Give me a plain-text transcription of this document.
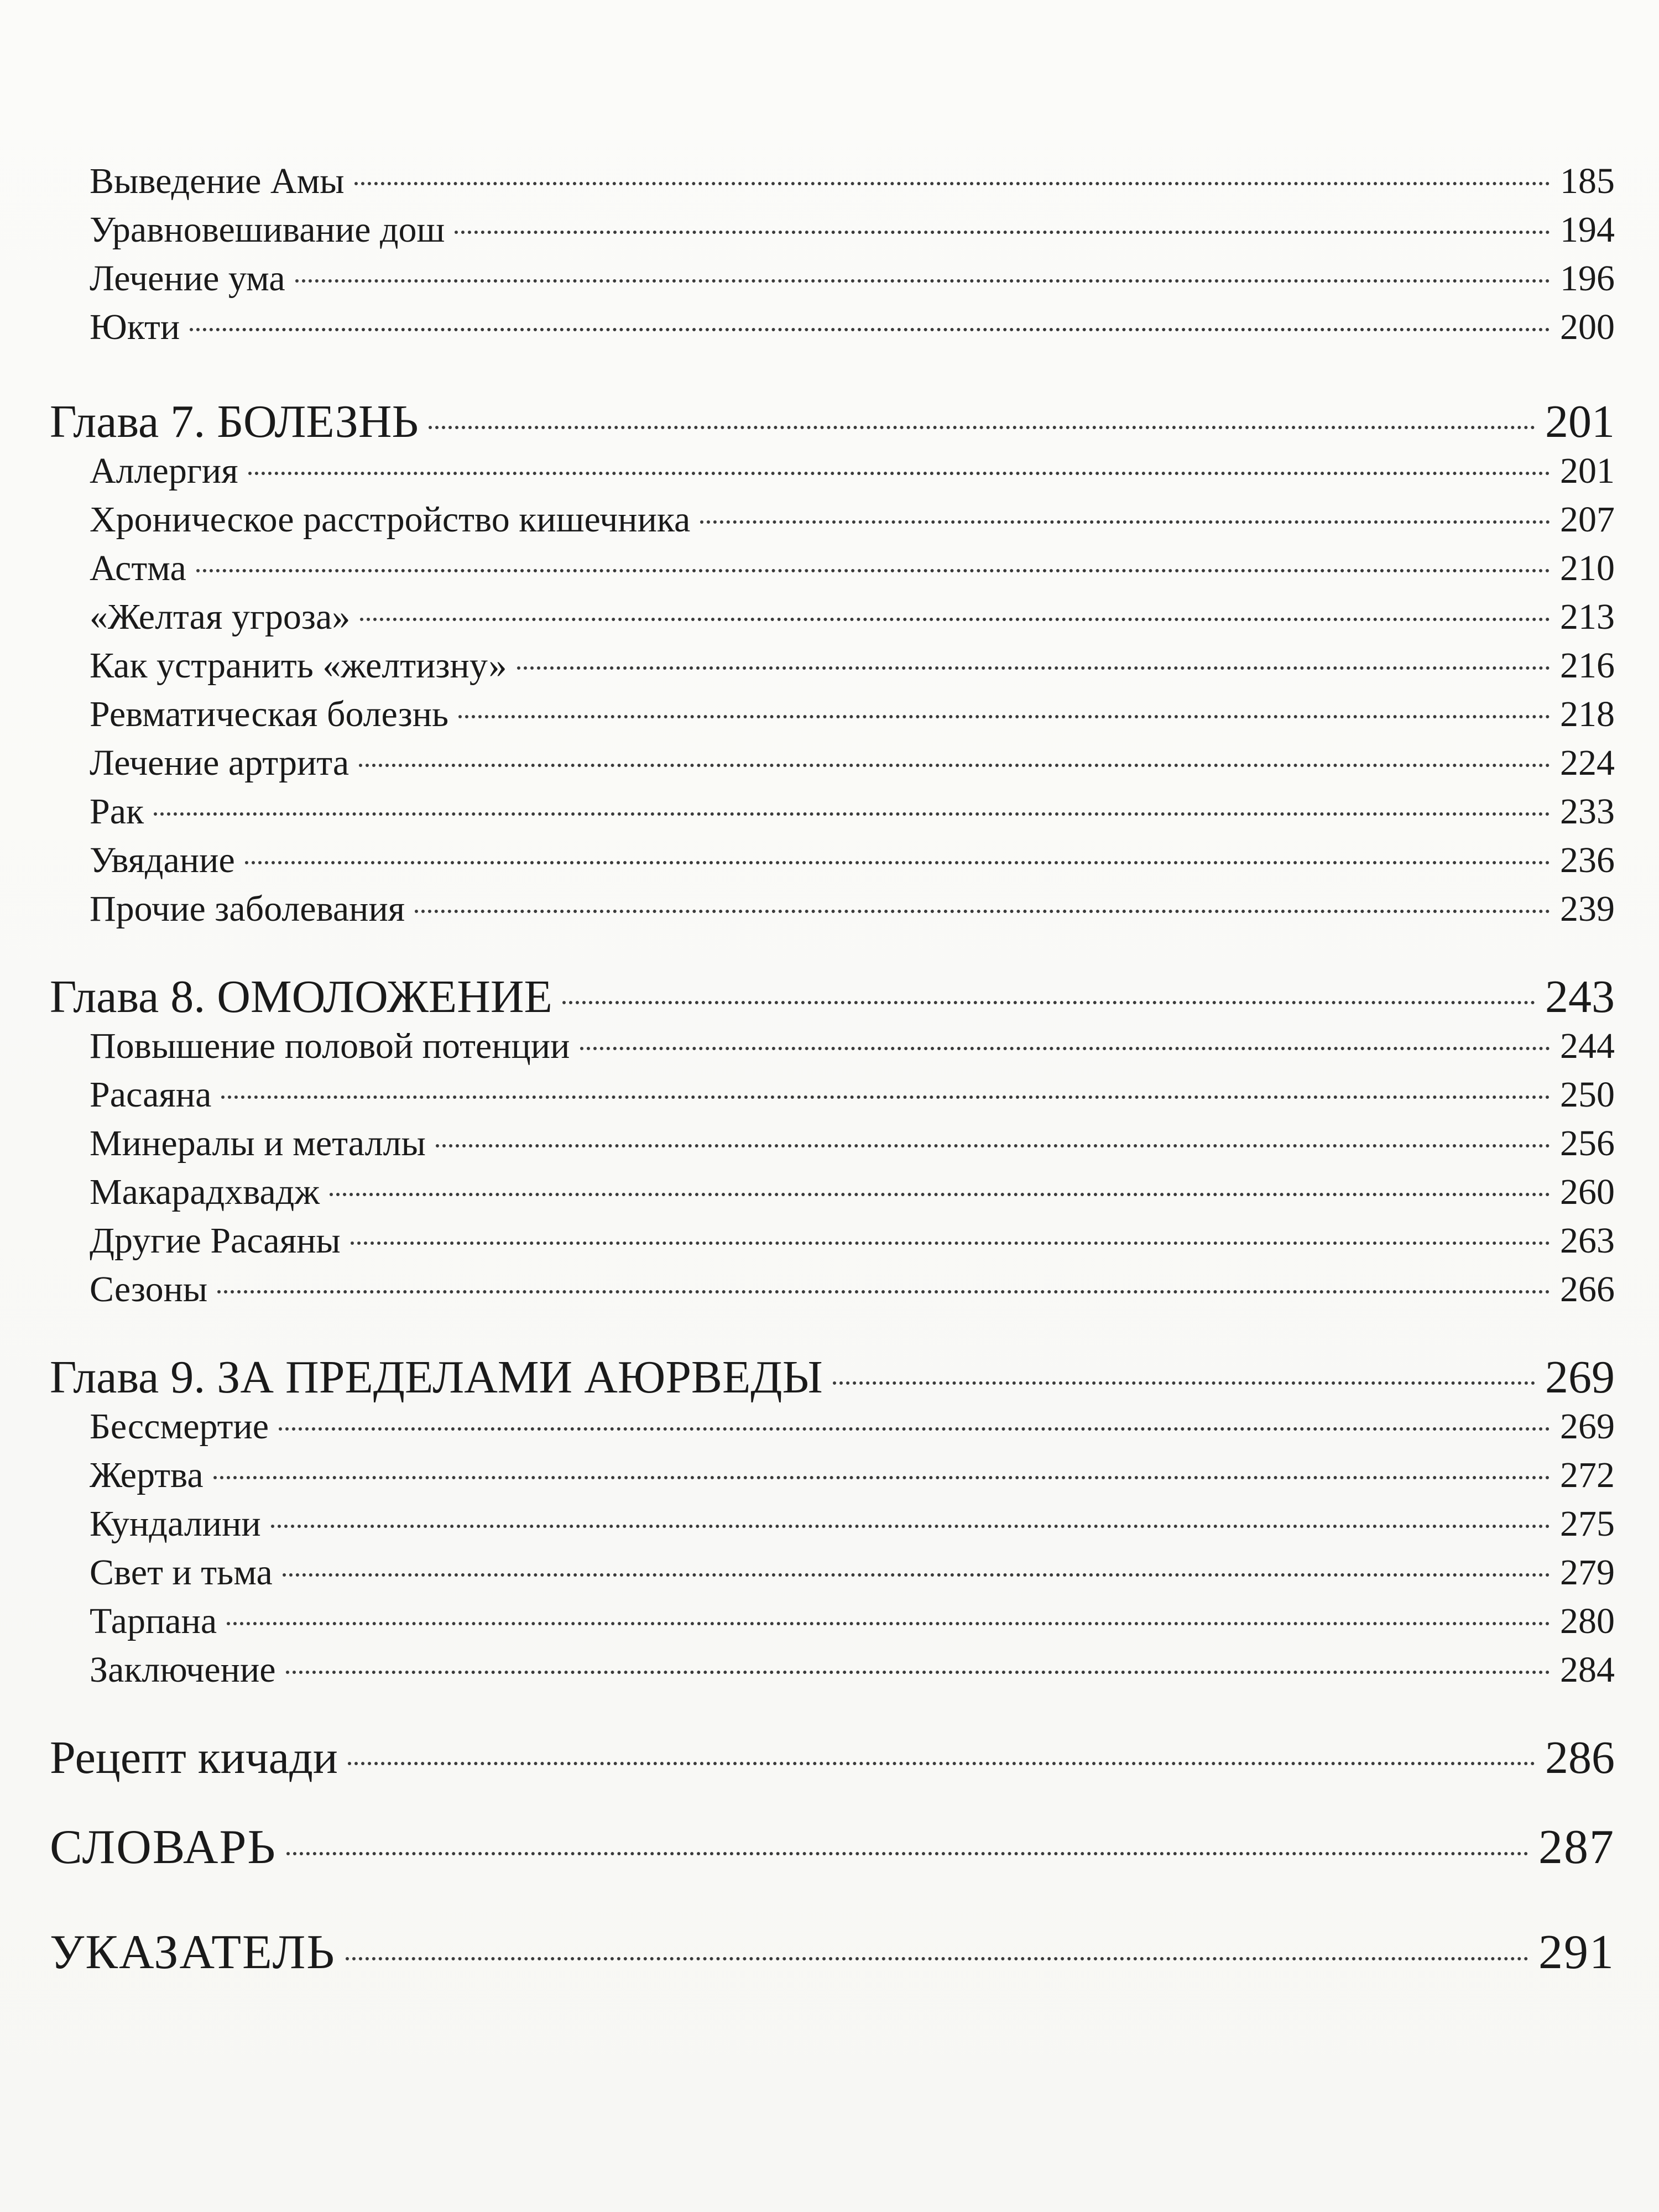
Выведение Амы	185
Уравновешивание дош	194
Лечение ума	196
Юкти	200
Глава 7. БОЛЕЗНЬ	201
Аллергия	201
Хроническое расстройство кишечника	207
Астма	210
«Желтая угроза»	213
Как устранить «желтизну»	216
Ревматическая болезнь	218
Лечение артрита	224
Рак	233
Увядание	236
Прочие заболевания	239
Глава 8. ОМОЛОЖЕНИЕ	243
Повышение половой потенции	244
Расаяна	250
Минералы и металлы	256
Макарадхвадж	260
Другие Расаяны	263
Сезоны	266
Глава 9. ЗА ПРЕДЕЛАМИ АЮРВЕДЫ	269
Бессмертие	269
Жертва	272
Кундалини	275
Свет и тьма	279
Тарпана	280
Заключение	284
Рецепт кичади	286
СЛОВАРЬ	287
УКАЗАТЕЛЬ	291
